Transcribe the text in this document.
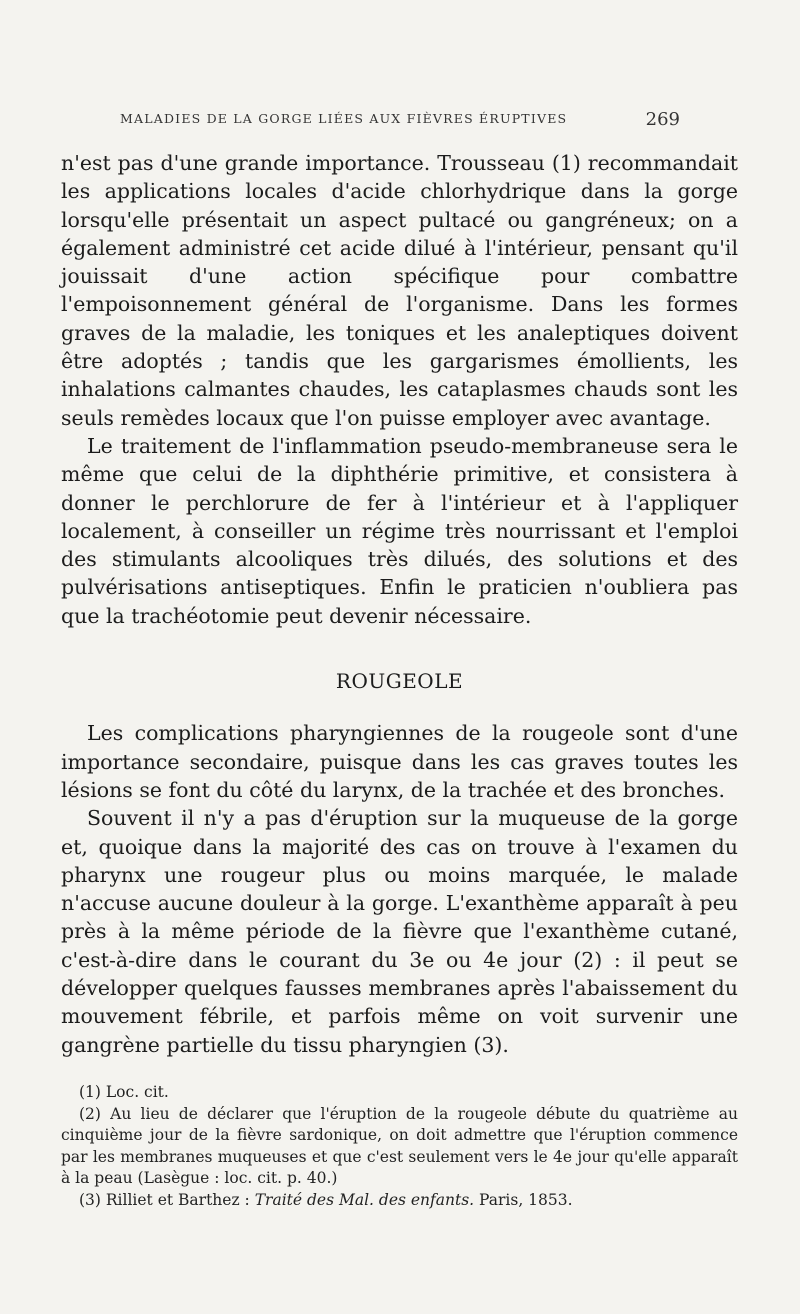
MALADIES DE LA GORGE LIÉES AUX FIÈVRES ÉRUPTIVES	269

n'est pas d'une grande importance. Trousseau (1) recommandait les applications locales d'acide chlorhydrique dans la gorge lorsqu'elle présentait un aspect pultacé ou gangréneux; on a également administré cet acide dilué à l'intérieur, pensant qu'il jouissait d'une action spécifique pour combattre l'empoisonnement général de l'organisme. Dans les formes graves de la maladie, les toniques et les analeptiques doivent être adoptés ; tandis que les gargarismes émollients, les inhalations calmantes chaudes, les cataplasmes chauds sont les seuls remèdes locaux que l'on puisse employer avec avantage.

Le traitement de l'inflammation pseudo-membraneuse sera le même que celui de la diphthérie primitive, et consistera à donner le perchlorure de fer à l'intérieur et à l'appliquer localement, à conseiller un régime très nourrissant et l'emploi des stimulants alcooliques très dilués, des solutions et des pulvérisations antiseptiques. Enfin le praticien n'oubliera pas que la trachéotomie peut devenir nécessaire.

ROUGEOLE

Les complications pharyngiennes de la rougeole sont d'une importance secondaire, puisque dans les cas graves toutes les lésions se font du côté du larynx, de la trachée et des bronches.

Souvent il n'y a pas d'éruption sur la muqueuse de la gorge et, quoique dans la majorité des cas on trouve à l'examen du pharynx une rougeur plus ou moins marquée, le malade n'accuse aucune douleur à la gorge. L'exanthème apparaît à peu près à la même période de la fièvre que l'exanthème cutané, c'est-à-dire dans le courant du 3e ou 4e jour (2) : il peut se développer quelques fausses membranes après l'abaissement du mouvement fébrile, et parfois même on voit survenir une gangrène partielle du tissu pharyngien (3).

(1) Loc. cit.

(2) Au lieu de déclarer que l'éruption de la rougeole débute du quatrième au cinquième jour de la fièvre sardonique, on doit admettre que l'éruption commence par les membranes muqueuses et que c'est seulement vers le 4e jour qu'elle apparaît à la peau (Lasègue : loc. cit. p. 40.)

(3) Rilliet et Barthez : Traité des Mal. des enfants. Paris, 1853.
